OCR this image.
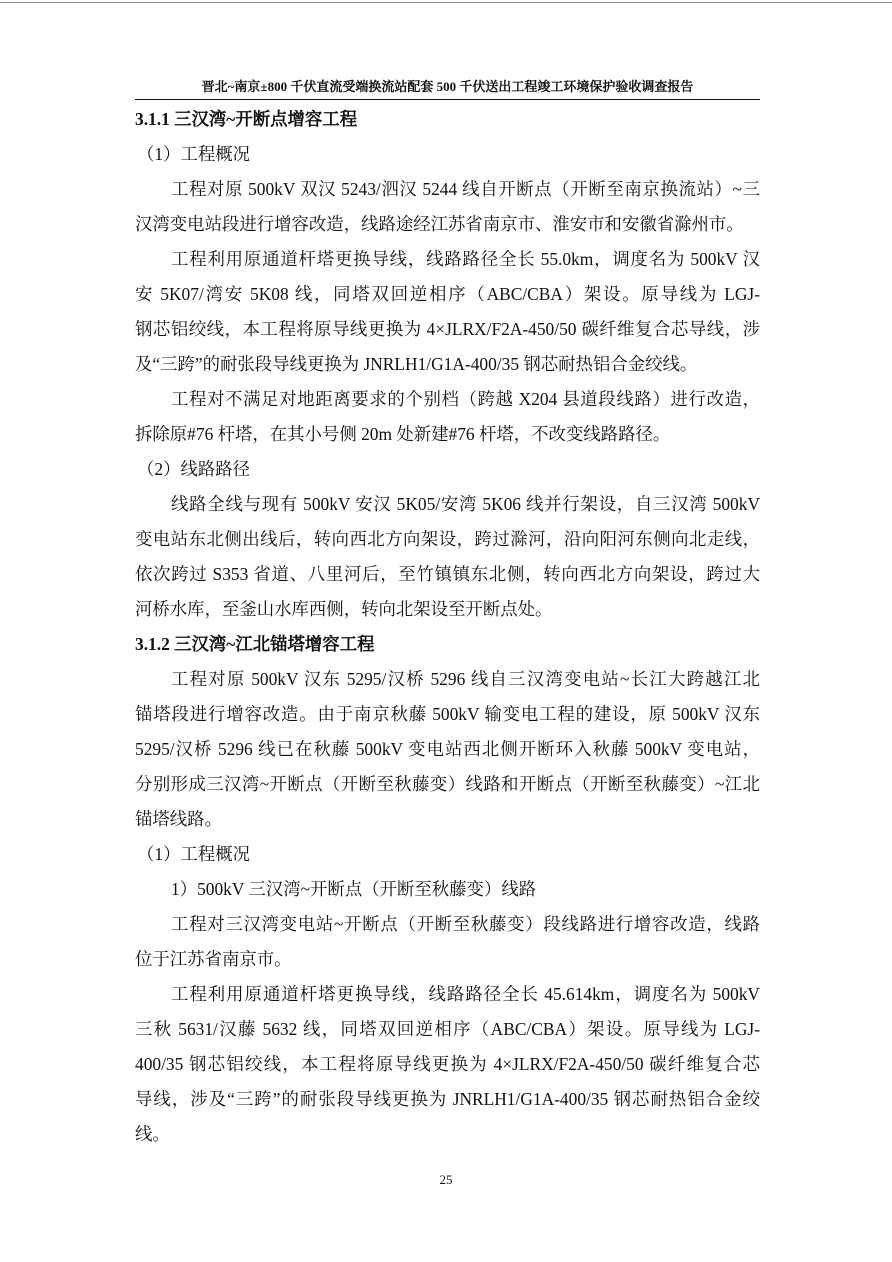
晋北~南京±800 千伏直流受端换流站配套 500 千伏送出工程竣工环境保护验收调查报告
3.1.1 三汉湾~开断点增容工程
（1）工程概况
工程对原 500kV 双汉 5243/泗汉 5244 线自开断点（开断至南京换流站）~三
汉湾变电站段进行增容改造，线路途经江苏省南京市、淮安市和安徽省滁州市。
工程利用原通道杆塔更换导线，线路路径全长 55.0km，调度名为 500kV 汉
安 5K07/湾安 5K08 线，同塔双回逆相序（ABC/CBA）架设。原导线为 LGJ-
钢芯铝绞线，本工程将原导线更换为 4×JLRX/F2A-450/50 碳纤维复合芯导线，涉
及“三跨”的耐张段导线更换为 JNRLH1/G1A-400/35 钢芯耐热铝合金绞线。
工程对不满足对地距离要求的个别档（跨越 X204 县道段线路）进行改造，
拆除原#76 杆塔，在其小号侧 20m 处新建#76 杆塔，不改变线路路径。
（2）线路路径
线路全线与现有 500kV 安汉 5K05/安湾 5K06 线并行架设，自三汉湾 500kV
变电站东北侧出线后，转向西北方向架设，跨过滁河，沿向阳河东侧向北走线，
依次跨过 S353 省道、八里河后，至竹镇镇东北侧，转向西北方向架设，跨过大
河桥水库，至釜山水库西侧，转向北架设至开断点处。
3.1.2 三汉湾~江北锚塔增容工程
工程对原 500kV 汉东 5295/汉桥 5296 线自三汉湾变电站~长江大跨越江北
锚塔段进行增容改造。由于南京秋藤 500kV 输变电工程的建设，原 500kV 汉东
5295/汉桥 5296 线已在秋藤 500kV 变电站西北侧开断环入秋藤 500kV 变电站，
分别形成三汉湾~开断点（开断至秋藤变）线路和开断点（开断至秋藤变）~江北
锚塔线路。
（1）工程概况
1）500kV 三汉湾~开断点（开断至秋藤变）线路
工程对三汉湾变电站~开断点（开断至秋藤变）段线路进行增容改造，线路
位于江苏省南京市。
工程利用原通道杆塔更换导线，线路路径全长 45.614km，调度名为 500kV
三秋 5631/汉藤 5632 线，同塔双回逆相序（ABC/CBA）架设。原导线为 LGJ-
400/35 钢芯铝绞线，本工程将原导线更换为 4×JLRX/F2A-450/50 碳纤维复合芯
导线，涉及“三跨”的耐张段导线更换为 JNRLH1/G1A-400/35 钢芯耐热铝合金绞
线。
25
